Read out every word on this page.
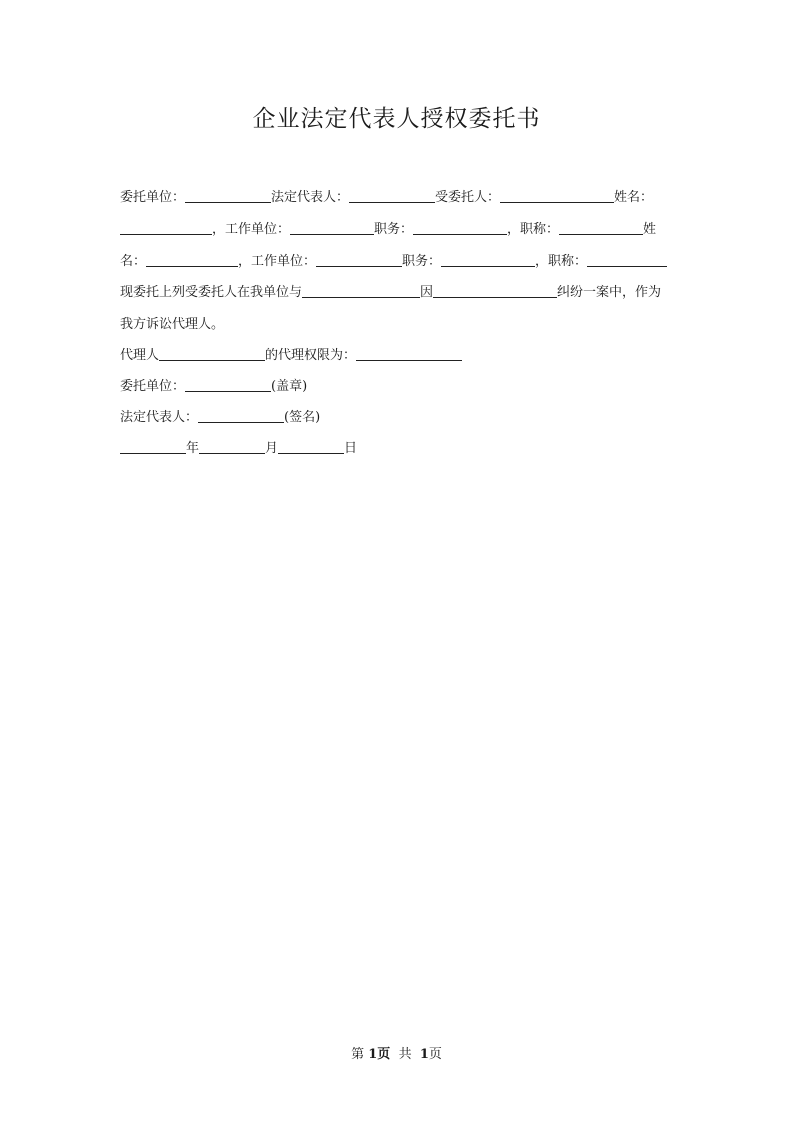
企业法定代表人授权委托书
委托单位：	法定代表人：	受委托人：	姓名：
，工作单位：	职务：	，职称：	姓
名：	，工作单位：	职务：	，职称：
现委托上列受委托人在我单位与	因	纠纷一案中，作为
我方诉讼代理人。
代理人	的代理权限为：
委托单位：	(盖章)
法定代表人：	(签名)
年	月	日
第 1页 共 1页
